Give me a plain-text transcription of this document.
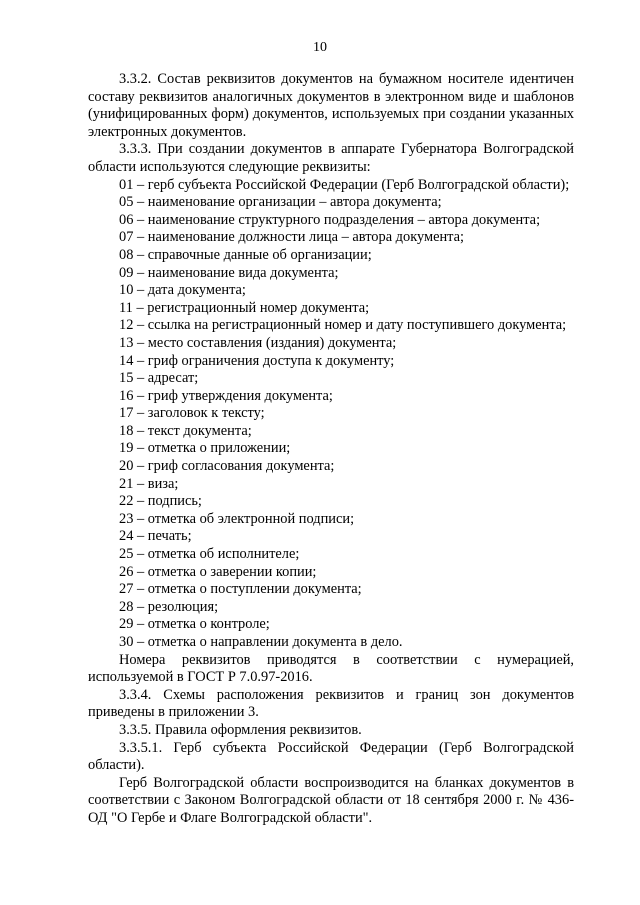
10

3.3.2. Состав реквизитов документов на бумажном носителе идентичен составу реквизитов аналогичных документов в электронном виде и шаблонов (унифицированных форм) документов, используемых при создании указанных электронных документов.

3.3.3. При создании документов в аппарате Губернатора Волгоградской области используются следующие реквизиты:

01 – герб субъекта Российской Федерации (Герб Волгоградской области);

05 – наименование организации – автора документа;

06 – наименование структурного подразделения – автора документа;

07 – наименование должности лица – автора документа;

08 – справочные данные об организации;

09 – наименование вида документа;

10 – дата документа;

11 – регистрационный номер документа;

12 – ссылка на регистрационный номер и дату поступившего документа;

13 – место составления (издания) документа;

14 – гриф ограничения доступа к документу;

15 – адресат;

16 – гриф утверждения документа;

17 – заголовок к тексту;

18 – текст документа;

19 – отметка о приложении;

20 – гриф согласования документа;

21 – виза;

22 – подпись;

23 – отметка об электронной подписи;

24 – печать;

25 – отметка об исполнителе;

26 – отметка о заверении копии;

27 – отметка о поступлении документа;

28 – резолюция;

29 – отметка о контроле;

30 – отметка о направлении документа в дело.

Номера реквизитов приводятся в соответствии с нумерацией, используемой в ГОСТ Р 7.0.97-2016.

3.3.4. Схемы расположения реквизитов и границ зон документов приведены в приложении 3.

3.3.5. Правила оформления реквизитов.

3.3.5.1. Герб субъекта Российской Федерации (Герб Волгоградской области).

Герб Волгоградской области воспроизводится на бланках документов в соответствии с Законом Волгоградской области от 18 сентября 2000 г. № 436-ОД "О Гербе и Флаге Волгоградской области".
